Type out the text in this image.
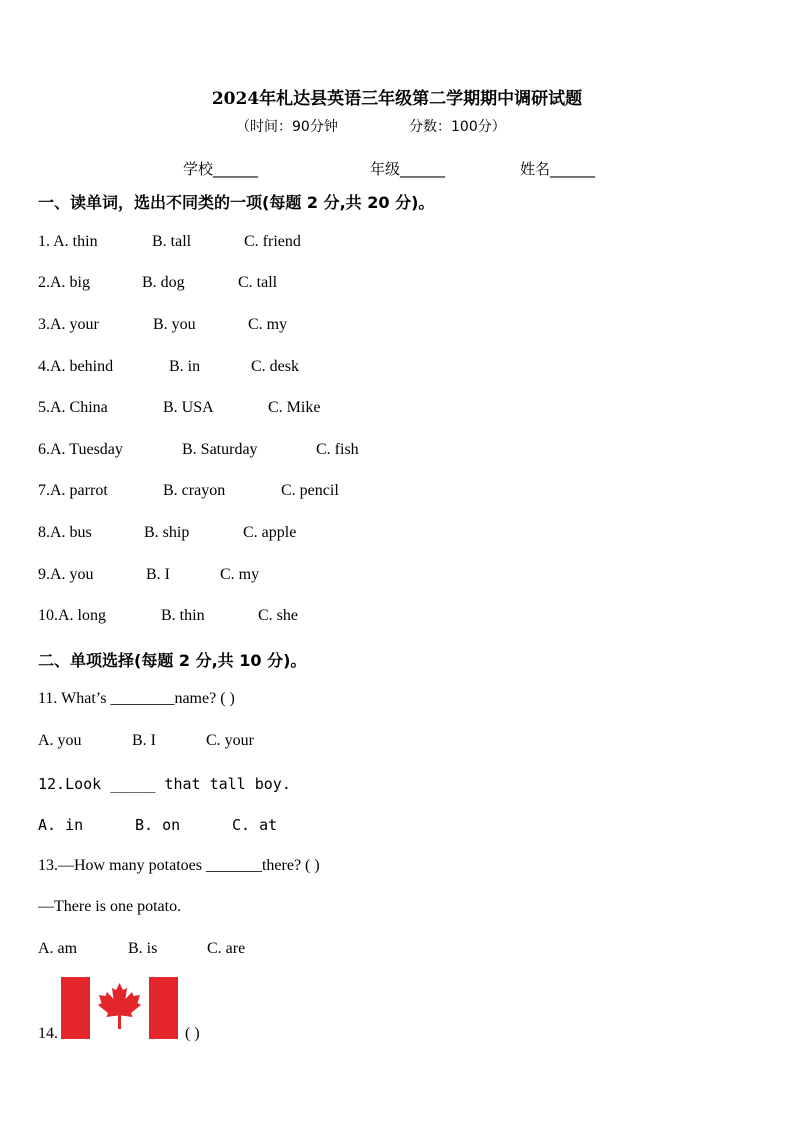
2024年札达县英语三年级第二学期期中调研试题
（时间：90分钟                分数：100分）
学校______	年级______	姓名______
一、读单词，选出不同类的一项(每题 2 分,共 20 分)。
1. A. thin	B. tall	C. friend
2.A. big	B. dog	C. tall
3.A. your	B. you	C. my
4.A. behind	B. in	C. desk
5.A. China	B. USA	C. Mike
6.A. Tuesday	B. Saturday	C. fish
7.A. parrot	B. crayon	C. pencil
8.A. bus	B. ship	C. apple
9.A. you	B. I	C. my
10.A. long	B. thin	C. she
二、单项选择(每题 2 分,共 10 分)。
11. What’s ________name? ( )
A. you	B. I	C. your
12.Look _____ that tall boy.
A. in	B. on	C. at
13.—How many potatoes _______there? ( )
—There is one potato.
A. am	B. is	C. are
14.	( )
